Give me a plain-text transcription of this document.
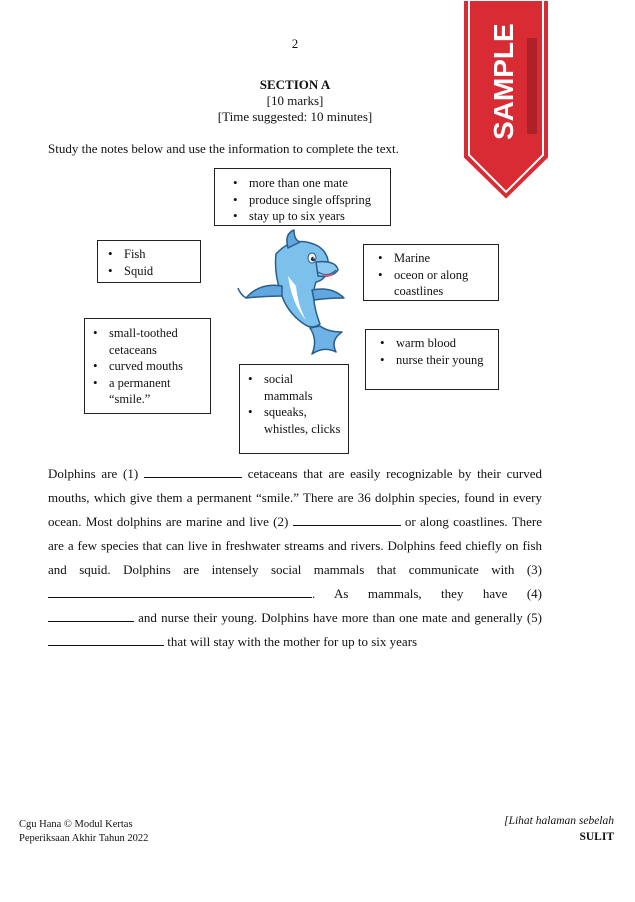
2
SECTION A
[10 marks]
[Time suggested: 10 minutes]
Study the notes below and use the information to complete the text.
• more than one mate
• produce single offspring
• stay up to six years
• Fish
• Squid
• Marine
• oceon or along coastlines
• small-toothed cetaceans
• curved mouths
• a permanent “smile.”
• social mammals
• squeaks, whistles, clicks
• warm blood
• nurse their young

Dolphins are (1)	cetaceans that are easily recognizable by their curved mouths, which give them a permanent “smile.” There are 36 dolphin species, found in every ocean. Most dolphins are marine and live (2)	or along coastlines. There are a few species that can live in freshwater streams and rivers. Dolphins feed chiefly on fish and squid. Dolphins are intensely social mammals that communicate with (3) . As mammals, they have (4)  and nurse their young. Dolphins have more than one mate and generally (5) that will stay with the mother for up to six years

Cgu Hana © Modul Kertas
Peperiksaan Akhir Tahun 2022
[Lihat halaman sebelah
SULIT
SAMPLE
